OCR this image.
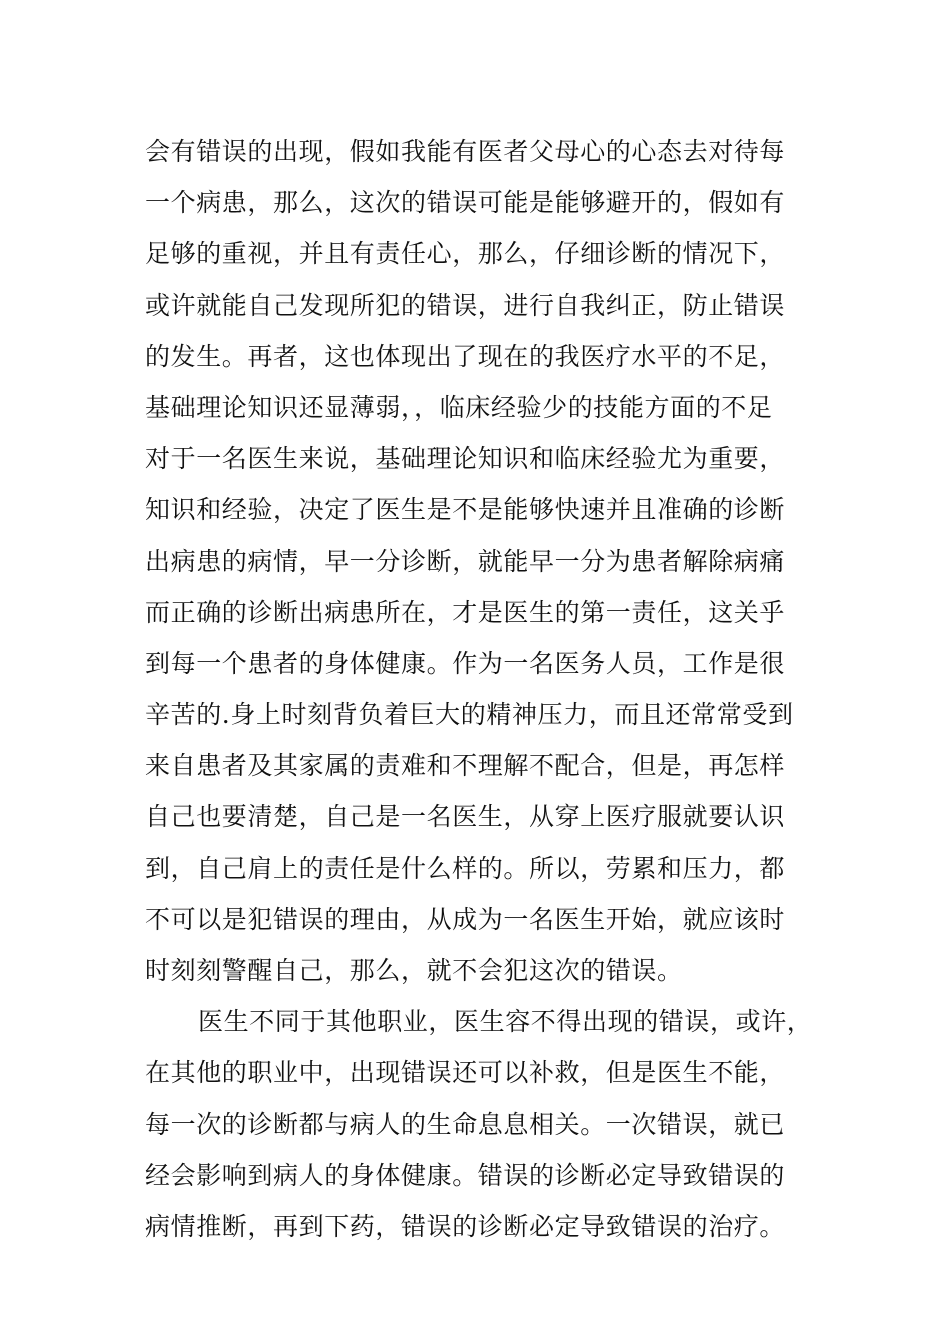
会有错误的出现，假如我能有医者父母心的心态去对待每
一个病患，那么，这次的错误可能是能够避开的，假如有
足够的重视，并且有责任心，那么，仔细诊断的情况下，
或许就能自己发现所犯的错误，进行自我纠正，防止错误
的发生。再者，这也体现出了现在的我医疗水平的不足，
基础理论知识还显薄弱，，临床经验少的技能方面的不足
对于一名医生来说，基础理论知识和临床经验尤为重要，
知识和经验，决定了医生是不是能够快速并且准确的诊断
出病患的病情，早一分诊断，就能早一分为患者解除病痛
而正确的诊断出病患所在，才是医生的第一责任，这关乎
到每一个患者的身体健康。作为一名医务人员，工作是很
辛苦的.身上时刻背负着巨大的精神压力，而且还常常受到
来自患者及其家属的责难和不理解不配合，但是，再怎样
自己也要清楚，自己是一名医生，从穿上医疗服就要认识
到，自己肩上的责任是什么样的。所以，劳累和压力，都
不可以是犯错误的理由，从成为一名医生开始，就应该时
时刻刻警醒自己，那么，就不会犯这次的错误。
医生不同于其他职业，医生容不得出现的错误，或许，
在其他的职业中，出现错误还可以补救，但是医生不能，
每一次的诊断都与病人的生命息息相关。一次错误，就已
经会影响到病人的身体健康。错误的诊断必定导致错误的
病情推断，再到下药，错误的诊断必定导致错误的治疗。
